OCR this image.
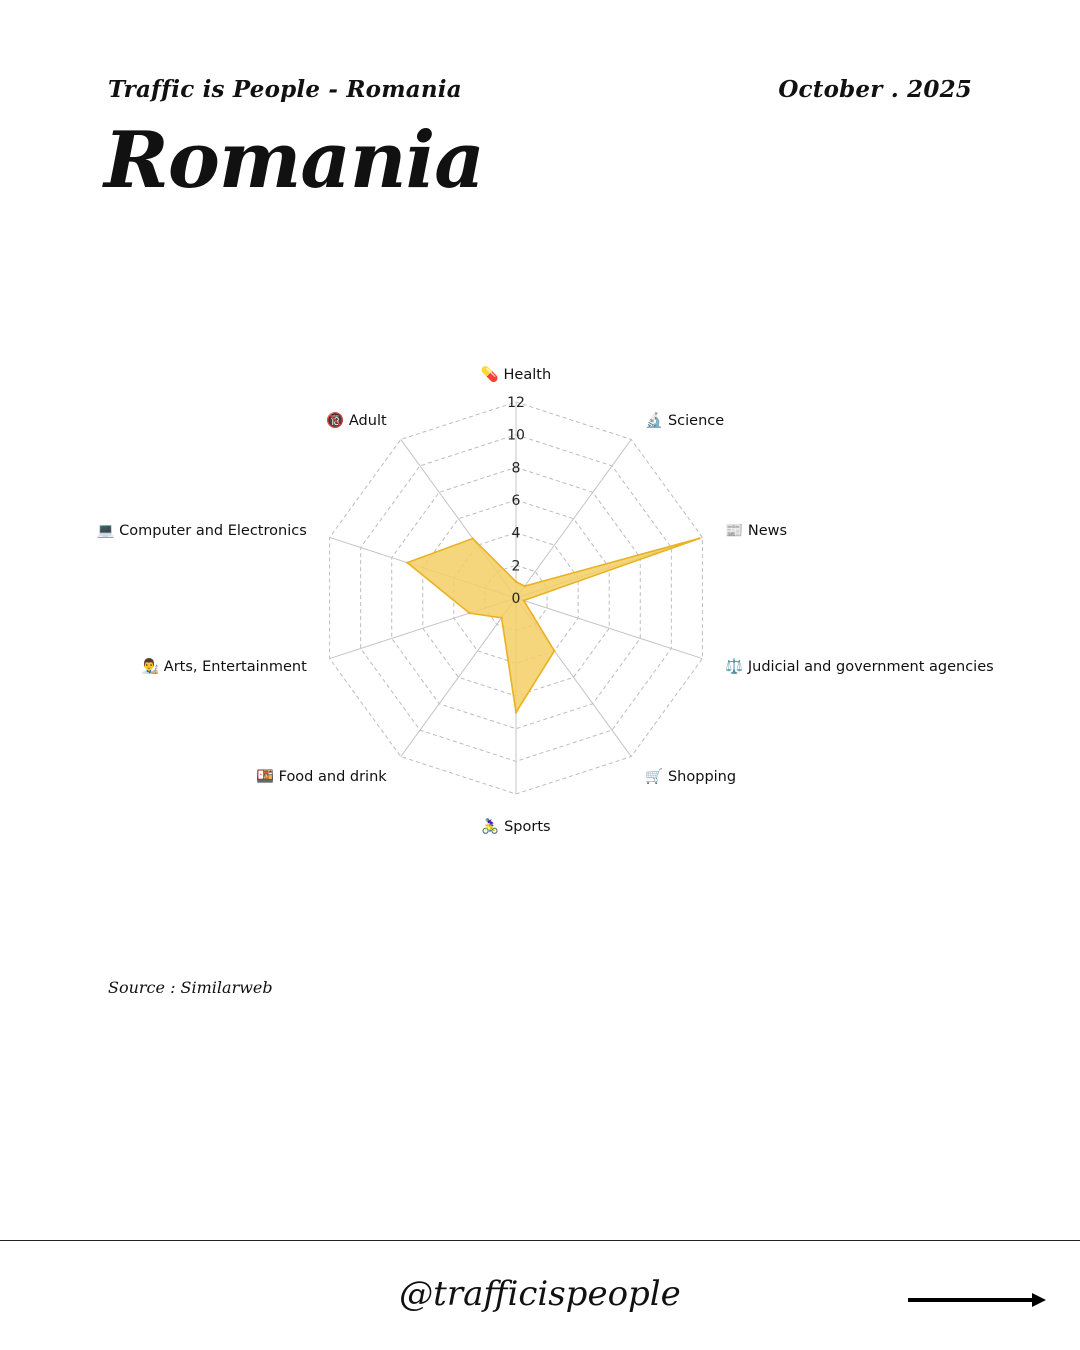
Traffic is People - Romania	October . 2025
Romania
0
2
4
6
8
10
12
💊 Health
🔬 Science
📰 News
⚖️ Judicial and government agencies
🛒 Shopping
🚴‍♀️ Sports
🍱 Food and drink
👨‍🎨 Arts, Entertainment
💻 Computer and Electronics
🔞 Adult
Source : Similarweb
@trafficispeople
